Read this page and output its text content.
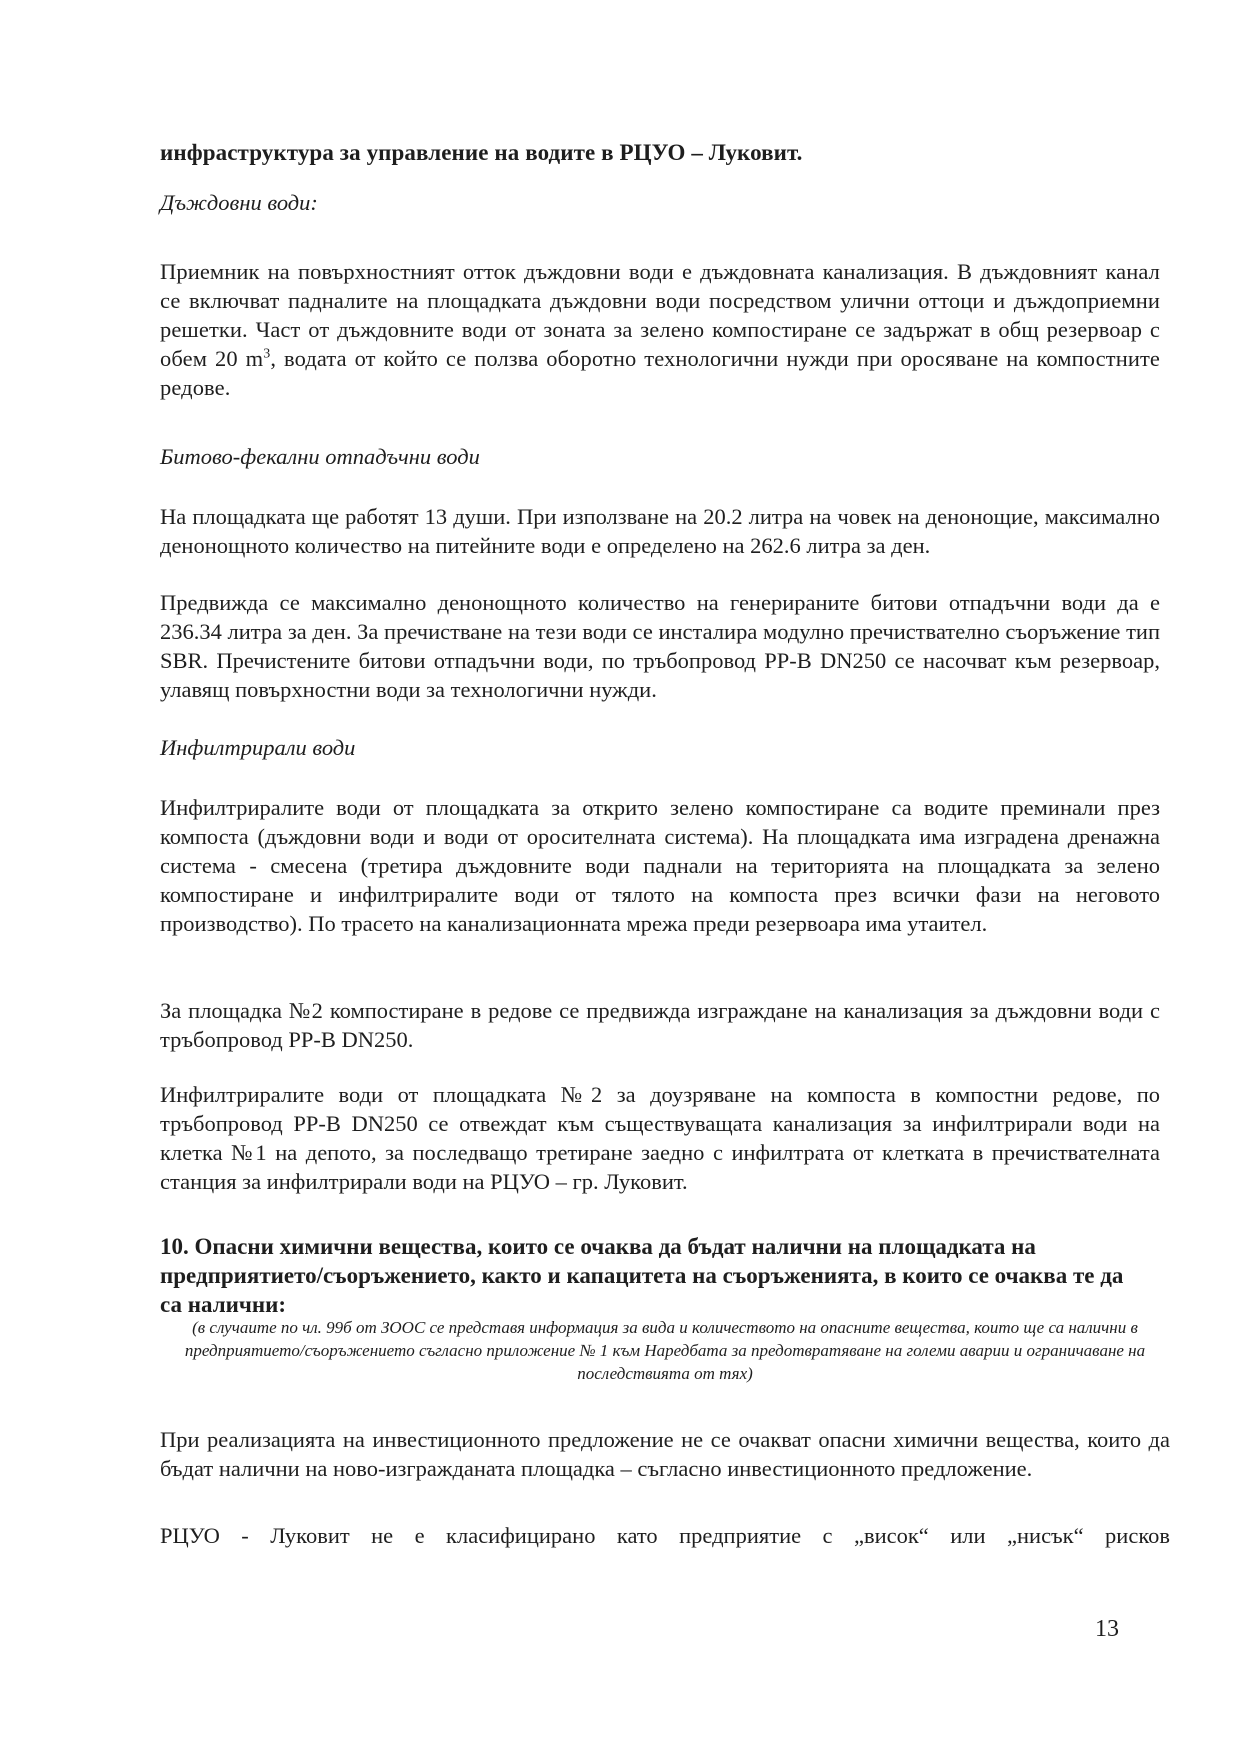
инфраструктура за управление на водите в РЦУО – Луковит.
Дъждовни води:
Приемник на повърхностният отток дъждовни води е дъждовната канализация. В дъждовният канал се включват падналите на площадката дъждовни води посредством улични оттоци и дъждоприемни решетки. Част от дъждовните води от зоната за зелено компостиране се задържат в общ резервоар с обем 20 $m^3$, водата от който се ползва оборотно технологични нужди при оросяване на компостните редове.
Битово-фекални отпадъчни води
На площадката ще работят 13 души. При използване на 20.2 литра на човек на денонощие, максимално денонощното количество на питейните води е определено на 262.6 литра за ден.
Предвижда се максимално денонощното количество на генерираните битови отпадъчни води да е 236.34 литра за ден. За пречистване на тези води се инсталира модулно пречиствателно съоръжение тип SBR. Пречистените битови отпадъчни води, по тръбопровод PP-B DN250 се насочват към резервоар, улавящ повърхностни води за технологични нужди.
Инфилтрирали води
Инфилтриралите води от площадката за открито зелено компостиране са водите преминали през компоста (дъждовни води и води от оросителната система). На площадката има изградена дренажна система - смесена (третира дъждовните води паднали на територията на площадката за зелено компостиране и инфилтриралите води от тялото на компоста през всички фази на неговото производство). По трасето на канализационната мрежа преди резервоара има утаител.
За площадка №2 компостиране в редове се предвижда изграждане на канализация за дъждовни води с тръбопровод PP-B DN250.
Инфилтриралите води от площадката №2 за доузряване на компоста в компостни редове, по тръбопровод PP-B DN250 се отвеждат към съществуващата канализация за инфилтрирали води на клетка №1 на депото, за последващо третиране заедно с инфилтрата от клетката в пречиствателната станция за инфилтрирали води на РЦУО – гр. Луковит.
10. Опасни химични вещества, които се очаква да бъдат налични на площадката на предприятието/съоръжението, както и капацитета на съоръженията, в които се очаква те да са налични:
(в случаите по чл. 99б от ЗООС се представя информация за вида и количеството на опасните вещества, които ще са налични в предприятието/съоръжението съгласно приложение № 1 към Наредбата за предотвратяване на големи аварии и ограничаване на последствията от тях)
При реализацията на инвестиционното предложение не се очакват опасни химични вещества, които да бъдат налични на ново-изгражданата площадка – съгласно инвестиционното предложение.
РЦУО - Луковит не е класифицирано като предприятие с „висок“ или „нисък“ рисков
13
